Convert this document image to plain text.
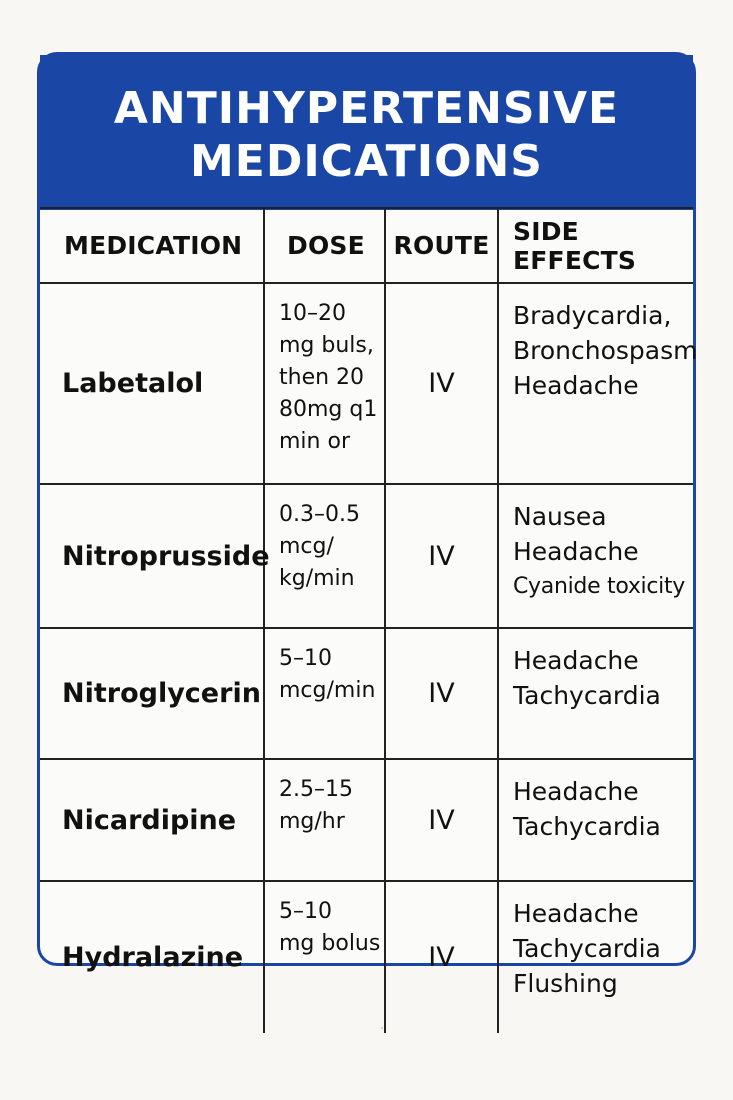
ANTIHYPERTENSIVE
MEDICATIONS
MEDICATION	DOSE	ROUTE	SIDE EFFECTS
Labetalol	10–20
mg buls,
then 20
80mg q1
min or	IV	Bradycardia,
Bronchospasm
Headache

Nitroprusside	0.3–0.5
mcg/
kg/min	IV	Nausea
Headache
Cyanide toxicity

Nitroglycerin	5–10
mcg/min	IV	Headache
Tachycardia

Nicardipine	2.5–15
mg/hr	IV	Headache
Tachycardia

Hydralazine	5–10
mg bolus	IV	Headache
Tachycardia
Flushing
